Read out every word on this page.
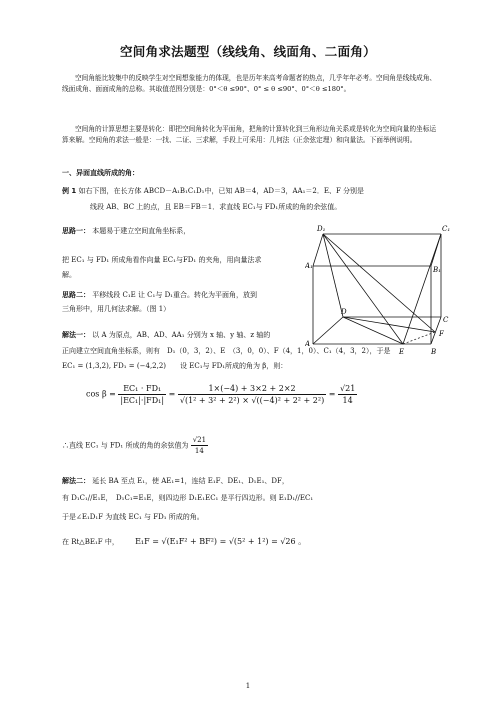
空间角求法题型（线线角、线面角、二面角）
空间角能比较集中的反映学生对空间想象能力的体现，也是历年来高考命题者的热点，几乎年年必考。空间角是线线成角、线面成角、面面成角的总称。其取值范围分别是：0°＜θ ≤90°、0° ≤ θ ≤90°、0°＜θ ≤180°。
空间角的计算思想主要是转化：即把空间角转化为平面角，把角的计算转化到三角形边角关系或是转化为空间向量的坐标运算来解。空间角的求法一般是：一找、二证、三求解，手段上可采用：几何法（正余弦定理）和向量法。下面举例说明。
一、异面直线所成的角：
例 1 如右下图，在长方体 ABCD－A₁B₁C₁D₁中，已知 AB＝4，AD＝3，AA₁＝2．E、F 分别是
线段 AB、BC 上的点，且 EB＝FB＝1．求直线 EC₁与 FD₁所成的角的余弦值。
思路一： 本题易于建立空间直角坐标系，
把 EC₁ 与 FD₁ 所成角看作向量 EC₁与FD₁ 的夹角，用向量法求
解。
思路二： 平移线段 C₁E 让 C₁与 D₁重合。转化为平面角，放到
三角形中，用几何法求解。（图 1）
D₁	C₁
A₁	B₁
D
C
A
E	B
F
解法一： 以 A 为原点，AB、AD、AA₁ 分别为 x 轴、y 轴、z 轴的
正向建立空间直角坐标系，则有　D₁（0，3，2）、E　（3，0，0）、F（4，1，0）、C₁（4，3，2），于是
EC₁ = (1,3,2), FD₁ = (−4,2,2)　　设 EC₁与 FD₁所成的角为 β，则：
$\cos \beta = \frac{\text{EC₁ · FD₁}}{\text{|EC₁|·|FD₁|}} = \frac{1\times(-4) + 3\times 2 + 2\times 2}{\text{√(1² + 3² + 2²) × √((−4)² + 2² + 2²)}} = \frac{√21}{14}$
∴直线 EC₁ 与 FD₁ 所成的角的余弦值为 $\frac{√21}{14}$
解法二： 延长 BA 至点 E₁，使 AE₁=1，连结 E₁F、DE₁、D₁E₁、DF，
有 D₁C₁//E₁E，　D₁C₁=E₁E，则四边形 D₁E₁EC₁ 是平行四边形。则 E₁D₁//EC₁
于是∠E₁D₁F 为直线 EC₁ 与 FD₁ 所成的角。
在 Rt△BE₁F 中， E₁F = √(E₁F² + BF²) = √(5² + 1²) = √26 。
1
